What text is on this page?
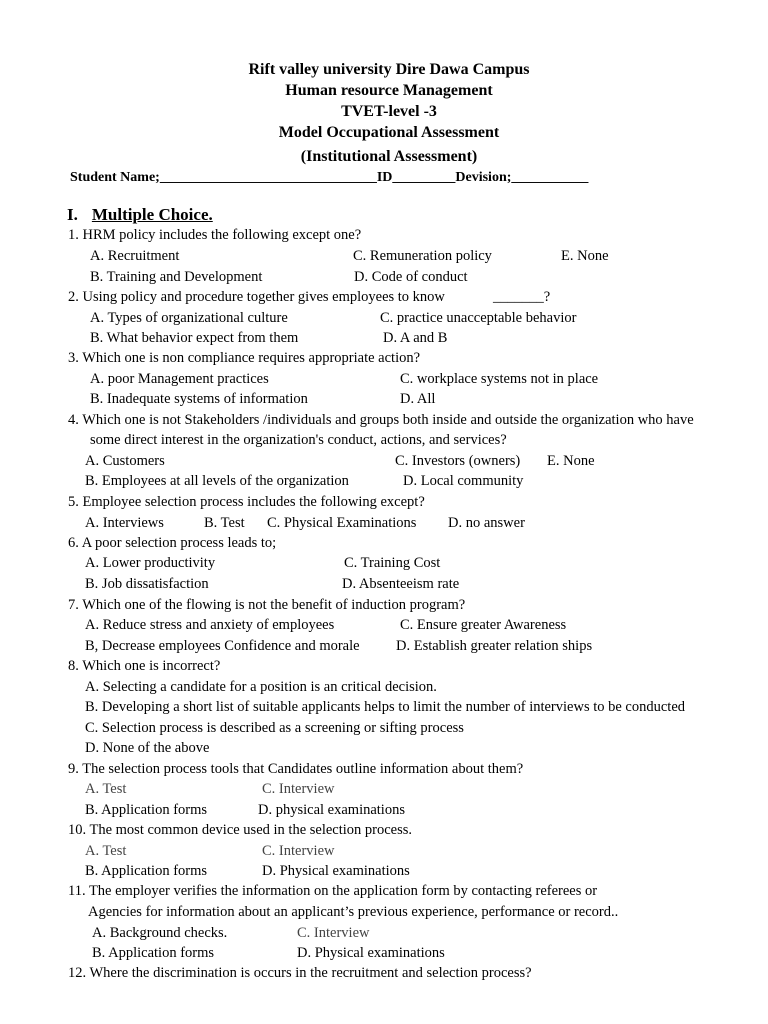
Rift valley university Dire Dawa Campus
Human resource Management
TVET-level -3
Model Occupational Assessment
(Institutional Assessment)
Student Name;_______________________________ID_________Devision;___________
I. Multiple Choice.
1. HRM policy includes the following except one?
A. Recruitment	C. Remuneration policy	E. None
B. Training and Development	D. Code of conduct
2. Using policy and procedure together gives employees to know	_______?
A. Types of organizational culture	C. practice unacceptable behavior
B. What behavior expect from them	D. A and B
3. Which one is non compliance requires appropriate action?
A. poor Management practices	C. workplace systems not in place
B. Inadequate systems of information	D. All
4. Which one is not Stakeholders /individuals and groups both inside and outside the organization who have
some direct interest in the organization's conduct, actions, and services?
A. Customers	C. Investors (owners) E. None
B. Employees at all levels of the organization	D. Local community
5. Employee selection process includes the following except?
A. Interviews	B. Test C. Physical Examinations D. no answer
6. A poor selection process leads to;
A. Lower productivity	C. Training Cost
B. Job dissatisfaction	D. Absenteeism rate
7. Which one of the flowing is not the benefit of induction program?
A. Reduce stress and anxiety of employees	C. Ensure greater Awareness
B, Decrease employees Confidence and morale	D. Establish greater relation ships
8. Which one is incorrect?
A. Selecting a candidate for a position is an critical decision.
B. Developing a short list of suitable applicants helps to limit the number of interviews to be conducted
C. Selection process is described as a screening or sifting process
D. None of the above
9. The selection process tools that Candidates outline information about them?
A. Test	C. Interview
B. Application forms	D. physical examinations
10. The most common device used in the selection process.
A. Test	C. Interview
B. Application forms	D. Physical examinations
11. The employer verifies the information on the application form by contacting referees or
Agencies for information about an applicant’s previous experience, performance or record..
A. Background checks.	C. Interview
B. Application forms	D. Physical examinations
12. Where the discrimination is occurs in the recruitment and selection process?
